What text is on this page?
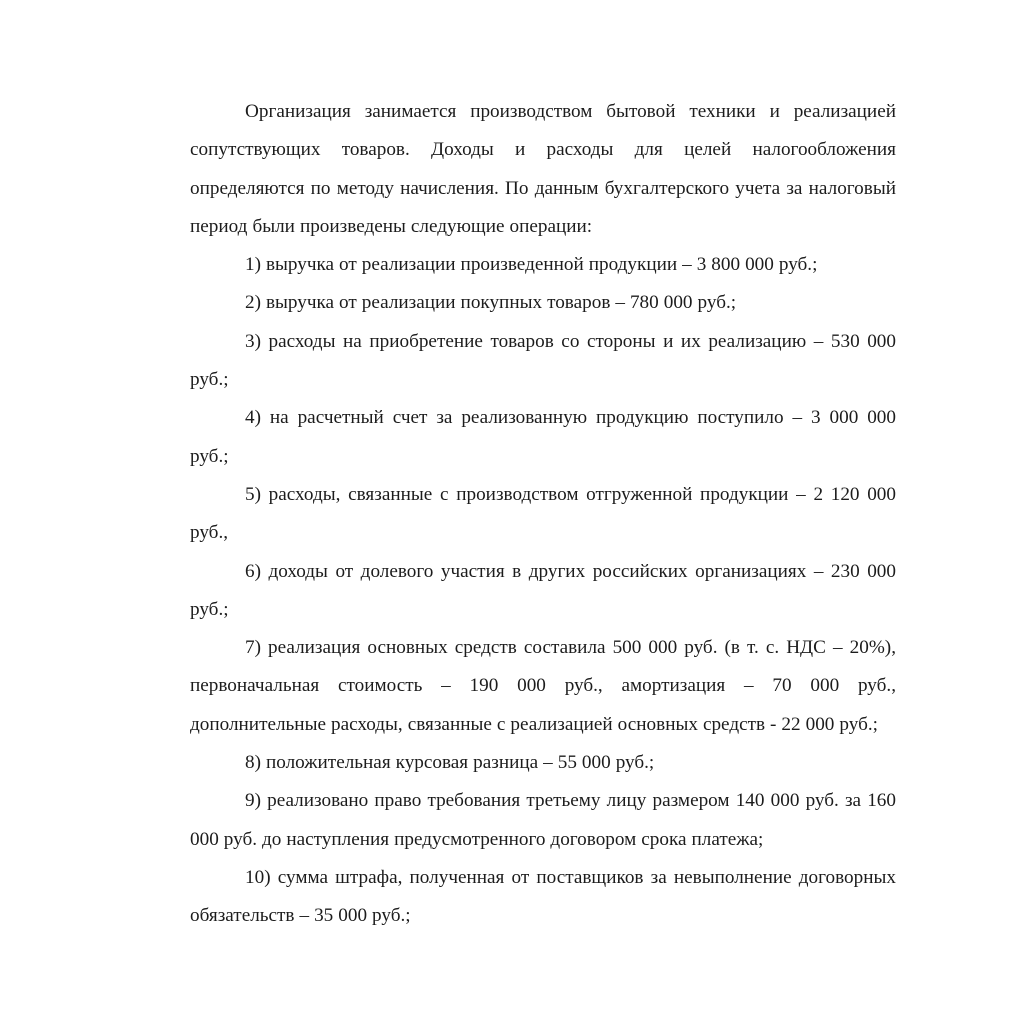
Организация занимается производством бытовой техники и реализацией сопутствующих товаров. Доходы и расходы для целей налогообложения определяются по методу начисления. По данным бухгалтерского учета за налоговый период были произведены следующие операции:

1) выручка от реализации произведенной продукции – 3 800 000 руб.;

2) выручка от реализации покупных товаров – 780 000 руб.;

3) расходы на приобретение товаров со стороны и их реализацию – 530 000 руб.;

4) на расчетный счет за реализованную продукцию поступило – 3 000 000 руб.;

5) расходы, связанные с производством отгруженной продукции – 2 120 000 руб.,

6) доходы от долевого участия в других российских организациях – 230 000 руб.;

7) реализация основных средств составила 500 000 руб. (в т. с. НДС – 20%), первоначальная стоимость – 190 000 руб., амортизация – 70 000 руб., дополнительные расходы, связанные с реализацией основных средств - 22 000 руб.;

8) положительная курсовая разница – 55 000 руб.;

9) реализовано право требования третьему лицу размером 140 000 руб. за 160 000 руб. до наступления предусмотренного договором срока платежа;

10) сумма штрафа, полученная от поставщиков за невыполнение договорных обязательств – 35 000 руб.;
